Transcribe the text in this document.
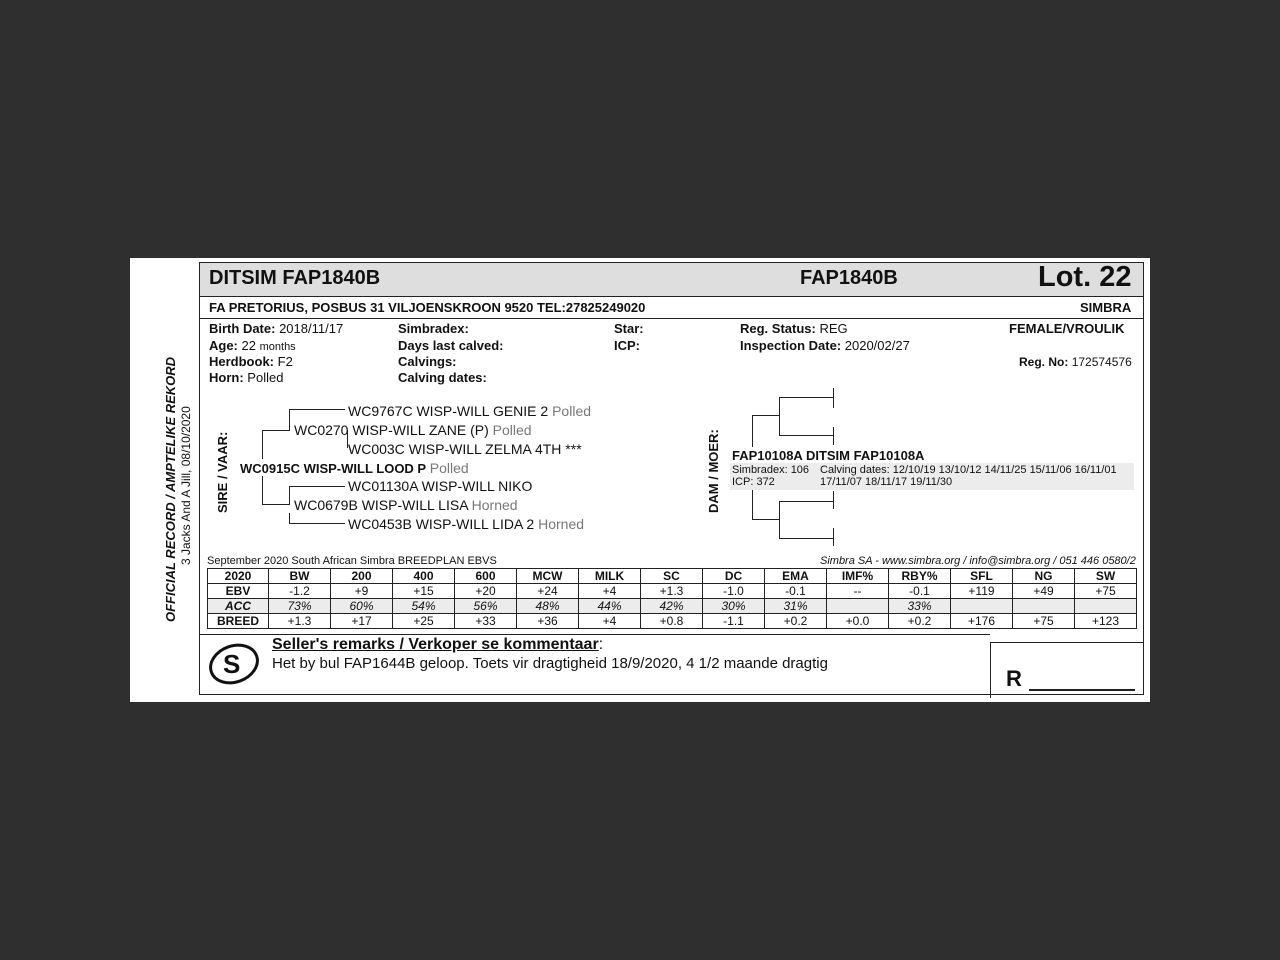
OFFICIAL RECORD / AMPTELIKE REKORD 3 Jacks And A Jill, 08/10/2020
DITSIM FAP1840B	FAP1840B	Lot. 22
FA PRETORIUS, POSBUS 31 VILJOENSKROON 9520 TEL:27825249020	SIMBRA
Birth Date: 2018/11/17
Age: 22 months
Herdbook: F2
Horn: Polled
Simbradex:
Days last calved:
Calvings:
Calving dates:
Star:
ICP:
Reg. Status: REG
Inspection Date: 2020/02/27
FEMALE/VROULIK
Reg. No: 172574576
SIRE / VAAR:
WC9767C WISP-WILL GENIE 2 Polled
WC0270 WISP-WILL ZANE (P) Polled
WC003C WISP-WILL ZELMA 4TH ***
WC0915C WISP-WILL LOOD P Polled
WC01130A WISP-WILL NIKO
WC0679B WISP-WILL LISA Horned
WC0453B WISP-WILL LIDA 2 Horned
DAM / MOER: FAP10108A DITSIM FAP10108A
Simbradex: 106
ICP: 372
Calving dates: 12/10/19 13/10/12 14/11/25 15/11/06 16/11/01
17/11/07 18/11/17 19/11/30
September 2020 South African Simbra BREEDPLAN EBVS	Simbra SA - www.simbra.org / info@simbra.org / 051 446 0580/2
2020	BW	200	400	600	MCW	MILK	SC	DC	EMA	IMF%	RBY%	SFL	NG	SW
EBV	-1.2	+9	+15	+20	+24	+4	+1.3	-1.0	-0.1	--	-0.1	+119	+49	+75
ACC	73%	60%	54%	56%	48%	44%	42%	30%	31%		33%			
BREED	+1.3	+17	+25	+33	+36	+4	+0.8	-1.1	+0.2	+0.0	+0.2	+176	+75	+123
S
Seller's remarks / Verkoper se kommentaar:
Het by bul FAP1644B geloop. Toets vir dragtigheid 18/9/2020, 4 1/2 maande dragtig
R
